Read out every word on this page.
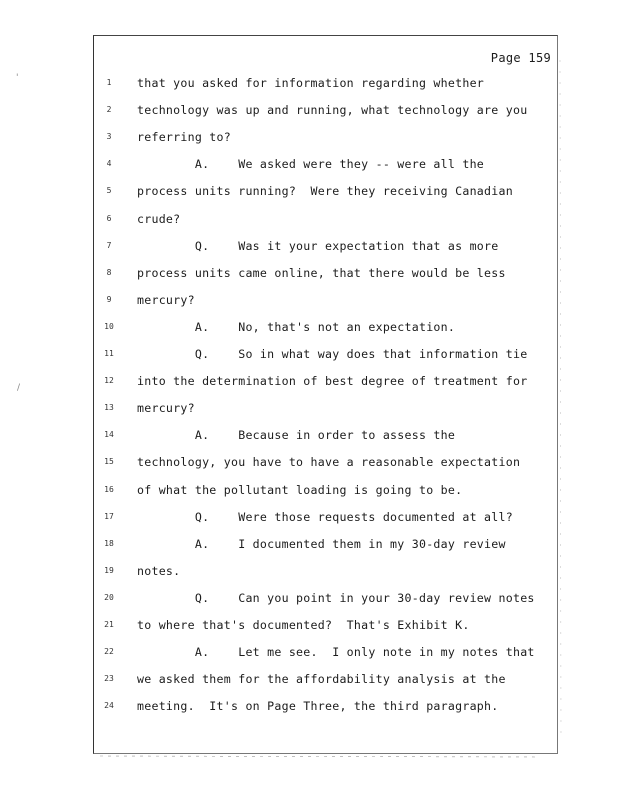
Page 159
1	that you asked for information regarding whether
2	technology was up and running, what technology are you
3	referring to?
4	A.    We asked were they -- were all the
5	process units running?  Were they receiving Canadian
6	crude?
7	Q.    Was it your expectation that as more
8	process units came online, that there would be less
9	mercury?
10	A.    No, that's not an expectation.
11	Q.    So in what way does that information tie
12	into the determination of best degree of treatment for
13	mercury?
14	A.    Because in order to assess the
15	technology, you have to have a reasonable expectation
16	of what the pollutant loading is going to be.
17	Q.    Were those requests documented at all?
18	A.    I documented them in my 30-day review
19	notes.
20	Q.    Can you point in your 30-day review notes
21	to where that's documented?  That's Exhibit K.
22	A.    Let me see.  I only note in my notes that
23	we asked them for the affordability analysis at the
24	meeting.  It's on Page Three, the third paragraph.
'
/
